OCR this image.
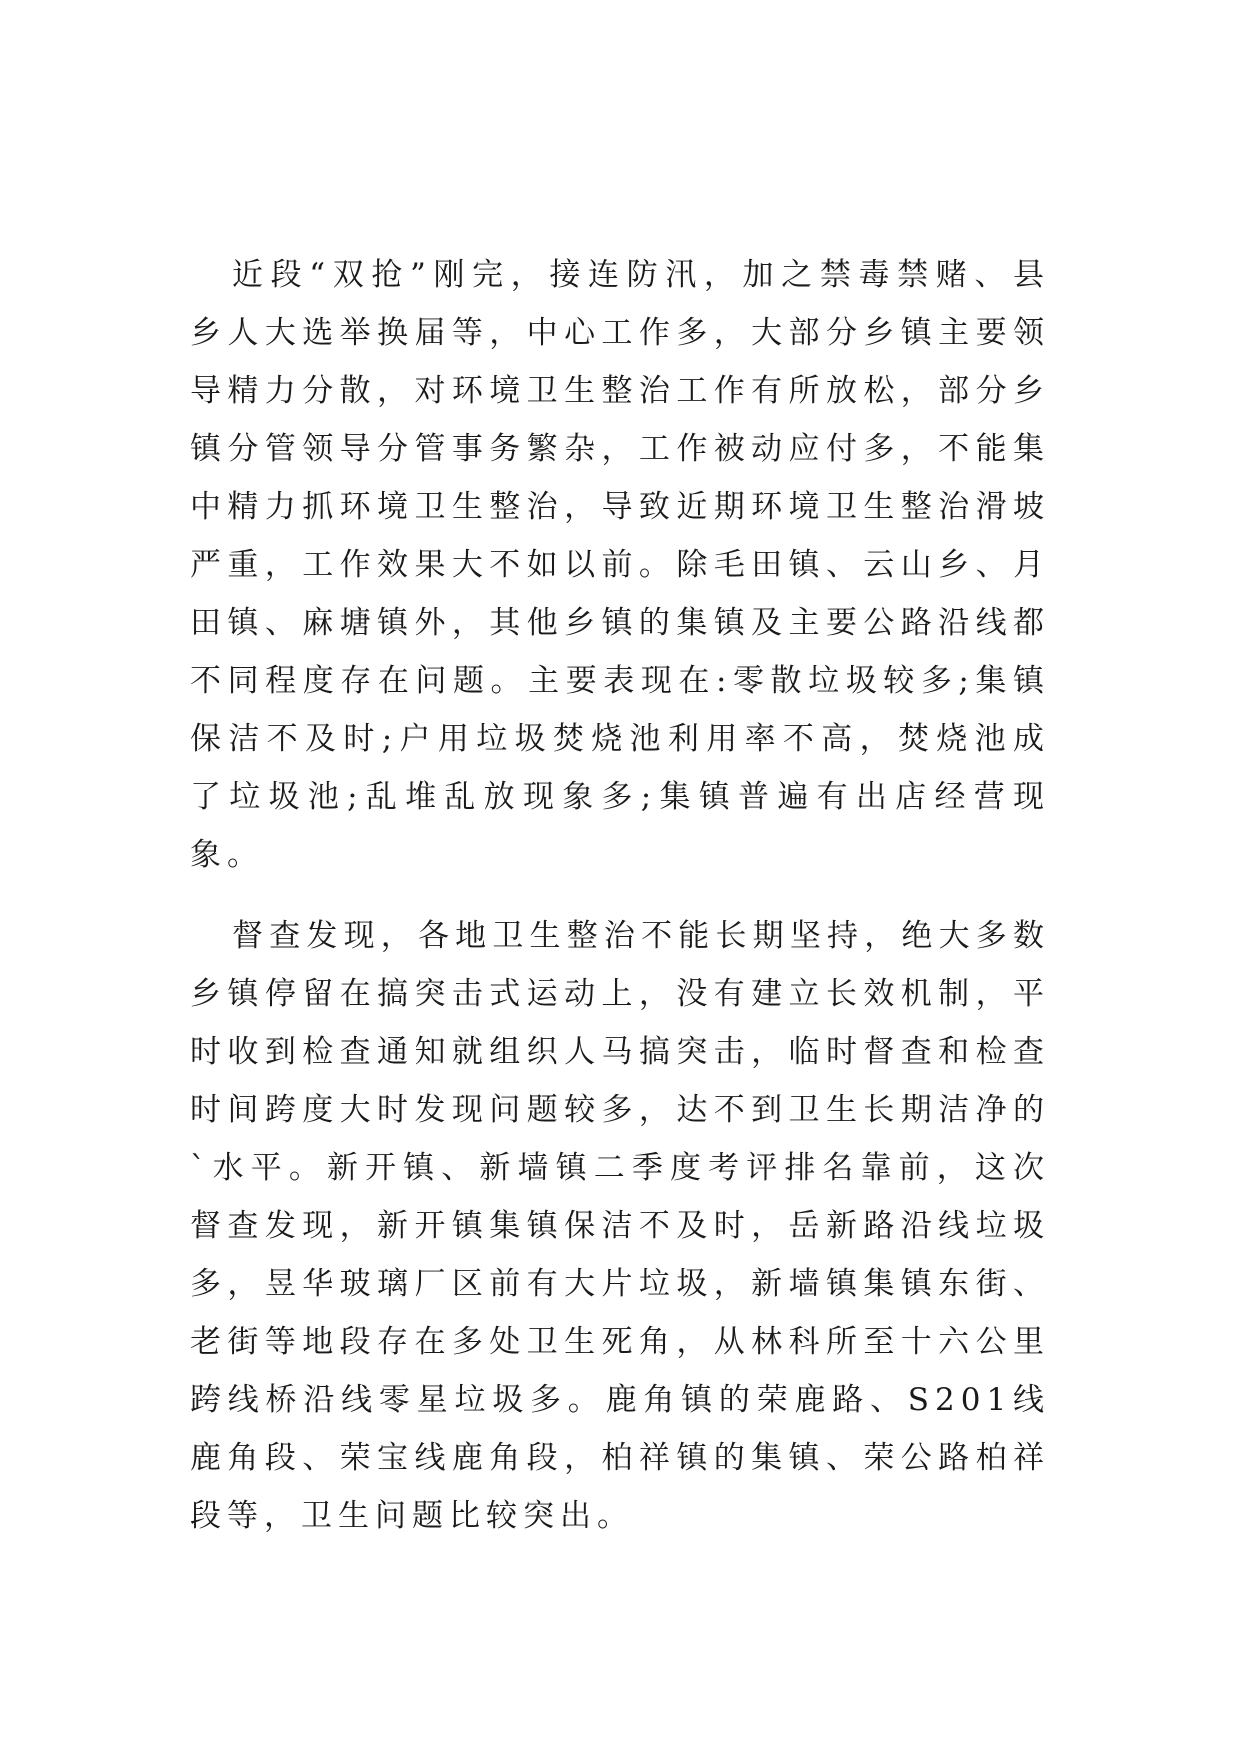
近段“双抢”刚完，接连防汛，加之禁毒禁赌、县乡人大选举换届等，中心工作多，大部分乡镇主要领导精力分散，对环境卫生整治工作有所放松，部分乡镇分管领导分管事务繁杂，工作被动应付多，不能集中精力抓环境卫生整治，导致近期环境卫生整治滑坡严重，工作效果大不如以前。除毛田镇、云山乡、月田镇、麻塘镇外，其他乡镇的集镇及主要公路沿线都不同程度存在问题。主要表现在:零散垃圾较多;集镇保洁不及时;户用垃圾焚烧池利用率不高，焚烧池成了垃圾池;乱堆乱放现象多;集镇普遍有出店经营现象。

督查发现，各地卫生整治不能长期坚持，绝大多数乡镇停留在搞突击式运动上，没有建立长效机制，平时收到检查通知就组织人马搞突击，临时督查和检查时间跨度大时发现问题较多，达不到卫生长期洁净的`水平。新开镇、新墙镇二季度考评排名靠前，这次督查发现，新开镇集镇保洁不及时，岳新路沿线垃圾多，昱华玻璃厂区前有大片垃圾，新墙镇集镇东街、老街等地段存在多处卫生死角，从林科所至十六公里跨线桥沿线零星垃圾多。鹿角镇的荣鹿路、S201线鹿角段、荣宝线鹿角段，柏祥镇的集镇、荣公路柏祥段等，卫生问题比较突出。
